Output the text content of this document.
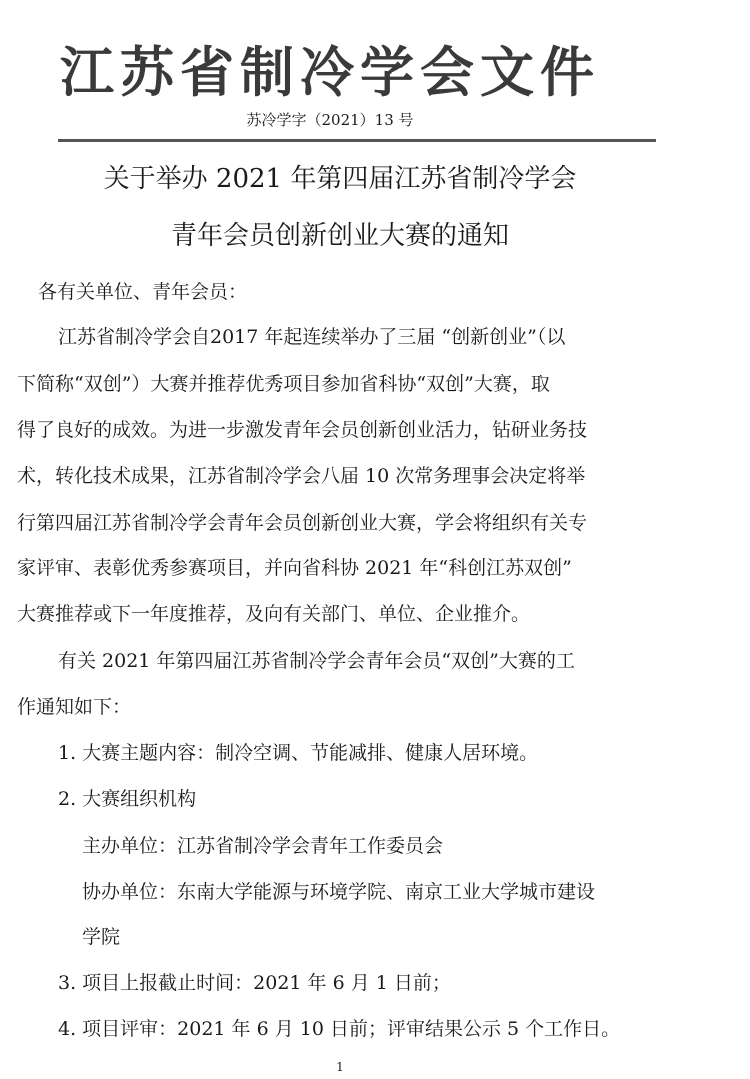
江苏省制冷学会文件
苏冷学字（2021）13 号
关于举办 2021 年第四届江苏省制冷学会
青年会员创新创业大赛的通知
各有关单位、青年会员：
江苏省制冷学会自2017 年起连续举办了三届 “创新创业”（以
下简称“双创”）大赛并推荐优秀项目参加省科协“双创”大赛，取
得了良好的成效。为进一步激发青年会员创新创业活力，钻研业务技
术，转化技术成果，江苏省制冷学会八届 10 次常务理事会决定将举
行第四届江苏省制冷学会青年会员创新创业大赛，学会将组织有关专
家评审、表彰优秀参赛项目，并向省科协 2021 年“科创江苏双创”
大赛推荐或下一年度推荐，及向有关部门、单位、企业推介。
有关 2021 年第四届江苏省制冷学会青年会员“双创”大赛的工
作通知如下：
1. 大赛主题内容：制冷空调、节能减排、健康人居环境。
2. 大赛组织机构
主办单位：江苏省制冷学会青年工作委员会
协办单位：东南大学能源与环境学院、南京工业大学城市建设
学院
3. 项目上报截止时间：2021 年 6 月 1 日前；
4. 项目评审：2021 年 6 月 10 日前；评审结果公示 5 个工作日。
1
